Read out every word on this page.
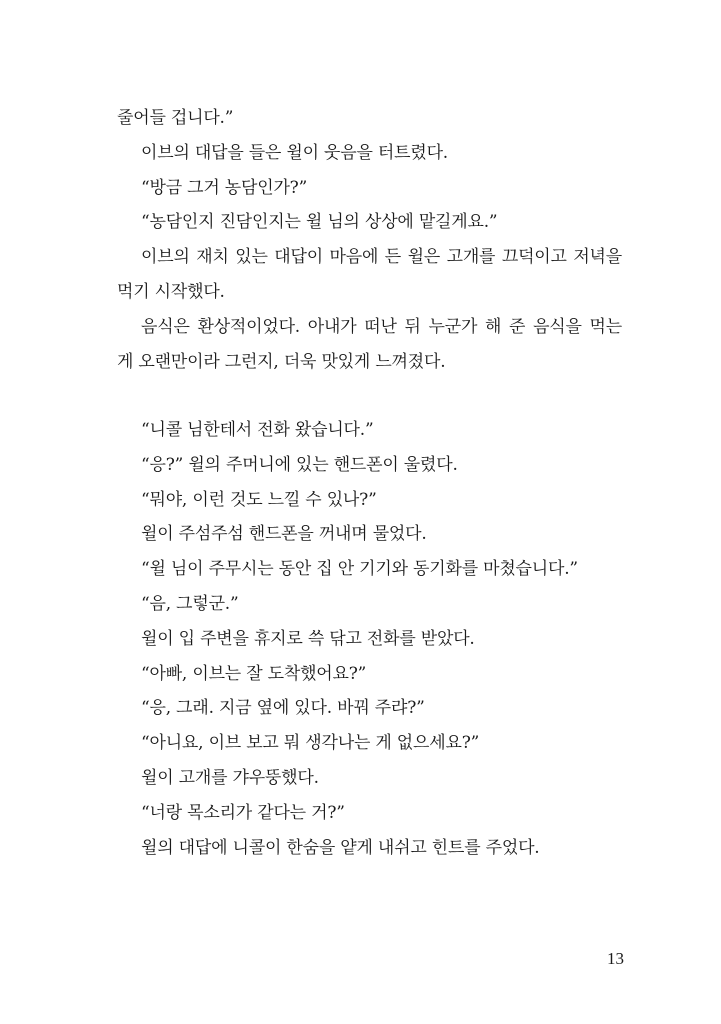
줄어들 겁니다.”
이브의 대답을 들은 윌이 웃음을 터트렸다.
“방금 그거 농담인가?”
“농담인지 진담인지는 윌 님의 상상에 맡길게요.”
이브의 재치 있는 대답이 마음에 든 윌은 고개를 끄덕이고 저녁을
먹기 시작했다.
음식은 환상적이었다. 아내가 떠난 뒤 누군가 해 준 음식을 먹는
게 오랜만이라 그런지, 더욱 맛있게 느껴졌다.
“니콜 님한테서 전화 왔습니다.”
“응?” 윌의 주머니에 있는 핸드폰이 울렸다.
“뭐야, 이런 것도 느낄 수 있나?”
윌이 주섬주섬 핸드폰을 꺼내며 물었다.
“윌 님이 주무시는 동안 집 안 기기와 동기화를 마쳤습니다.”
“음, 그렇군.”
윌이 입 주변을 휴지로 쓱 닦고 전화를 받았다.
“아빠, 이브는 잘 도착했어요?”
“응, 그래. 지금 옆에 있다. 바꿔 주랴?”
“아니요, 이브 보고 뭐 생각나는 게 없으세요?”
윌이 고개를 갸우뚱했다.
“너랑 목소리가 같다는 거?”
윌의 대답에 니콜이 한숨을 얕게 내쉬고 힌트를 주었다.
13
